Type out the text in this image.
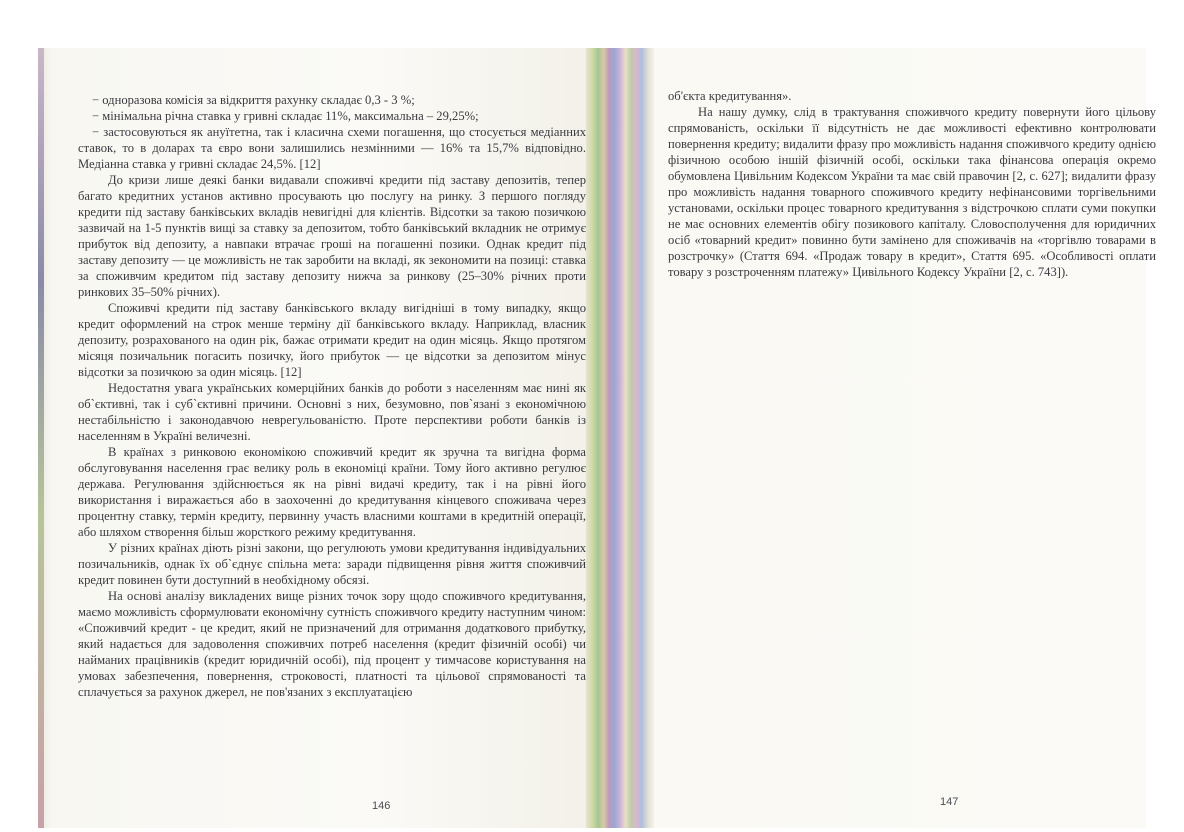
− одноразова комісія за відкриття рахунку складає 0,3 - 3 %;

− мінімальна річна ставка у гривні складає 11%, максимальна – 29,25%;

− застосовуються як ануїтетна, так і класична схеми погашення, що стосується медіанних ставок, то в доларах та євро вони залишились незмінними — 16% та 15,7% відповідно. Медіанна ставка у гривні складає 24,5%. [12]

До кризи лише деякі банки видавали споживчі кредити під заставу депозитів, тепер багато кредитних установ активно просувають цю послугу на ринку. З першого погляду кредити під заставу банківських вкладів невигідні для клієнтів. Відсотки за такою позичкою зазвичай на 1-5 пунктів вищі за ставку за депозитом, тобто банківський вкладник не отримує прибуток від депозиту, а навпаки втрачає гроші на погашенні позики. Однак кредит під заставу депозиту — це можливість не так заробити на вкладі, як зекономити на позиці: ставка за споживчим кредитом під заставу депозиту нижча за ринкову (25–30% річних проти ринкових 35–50% річних).

Споживчі кредити під заставу банківського вкладу вигідніші в тому випадку, якщо кредит оформлений на строк менше терміну дії банківського вкладу. Наприклад, власник депозиту, розрахованого на один рік, бажає отримати кредит на один місяць. Якщо протягом місяця позичальник погасить позичку, його прибуток — це відсотки за депозитом мінус відсотки за позичкою за один місяць. [12]

Недостатня увага українських комерційних банків до роботи з населенням має нині як об`єктивні, так і суб`єктивні причини. Основні з них, безумовно, пов`язані з економічною нестабільністю і законодавчою неврегульованістю. Проте перспективи роботи банків із населенням в Україні величезні.

В країнах з ринковою економікою споживчий кредит як зручна та вигідна форма обслуговування населення грає велику роль в економіці країни. Тому його активно регулює держава. Регулювання здійснюється як на рівні видачі кредиту, так і на рівні його використання і виражається або в заохоченні до кредитування кінцевого споживача через процентну ставку, термін кредиту, первинну участь власними коштами в кредитній операції, або шляхом створення більш жорсткого режиму кредитування.

У різних країнах діють різні закони, що регулюють умови кредитування індивідуальних позичальників, однак їх об`єднує спільна мета: заради підвищення рівня життя споживчий кредит повинен бути доступний в необхідному обсязі.

На основі аналізу викладених вище різних точок зору щодо споживчого кредитування, маємо можливість сформулювати економічну сутність споживчого кредиту наступним чином: «Споживчий кредит - це кредит, який не призначений для отримання додаткового прибутку, який надається для задоволення споживчих потреб населення (кредит фізичній особі) чи найманих працівників (кредит юридичній особі), під процент у тимчасове користування на умовах забезпечення, повернення, строковості, платності та цільової спрямованості та сплачується за рахунок джерел, не пов'язаних з експлуатацією

146

об'єкта кредитування».

На нашу думку, слід в трактування споживчого кредиту повернути його цільову спрямованість, оскільки її відсутність не дає можливості ефективно контролювати повернення кредиту; видалити фразу про можливість надання споживчого кредиту однією фізичною особою іншій фізичній особі, оскільки така фінансова операція окремо обумовлена Цивільним Кодексом України та має свій правочин [2, с. 627]; видалити фразу про можливість надання товарного споживчого кредиту нефінансовими торгівельними установами, оскільки процес товарного кредитування з відстрочкою сплати суми покупки не має основних елементів обігу позикового капіталу. Словосполучення для юридичних осіб «товарний кредит» повинно бути замінено для споживачів на «торгівлю товарами в розстрочку» (Стаття 694. «Продаж товару в кредит», Стаття 695. «Особливості оплати товару з розстроченням платежу» Цивільного Кодексу України [2, с. 743]).

147
